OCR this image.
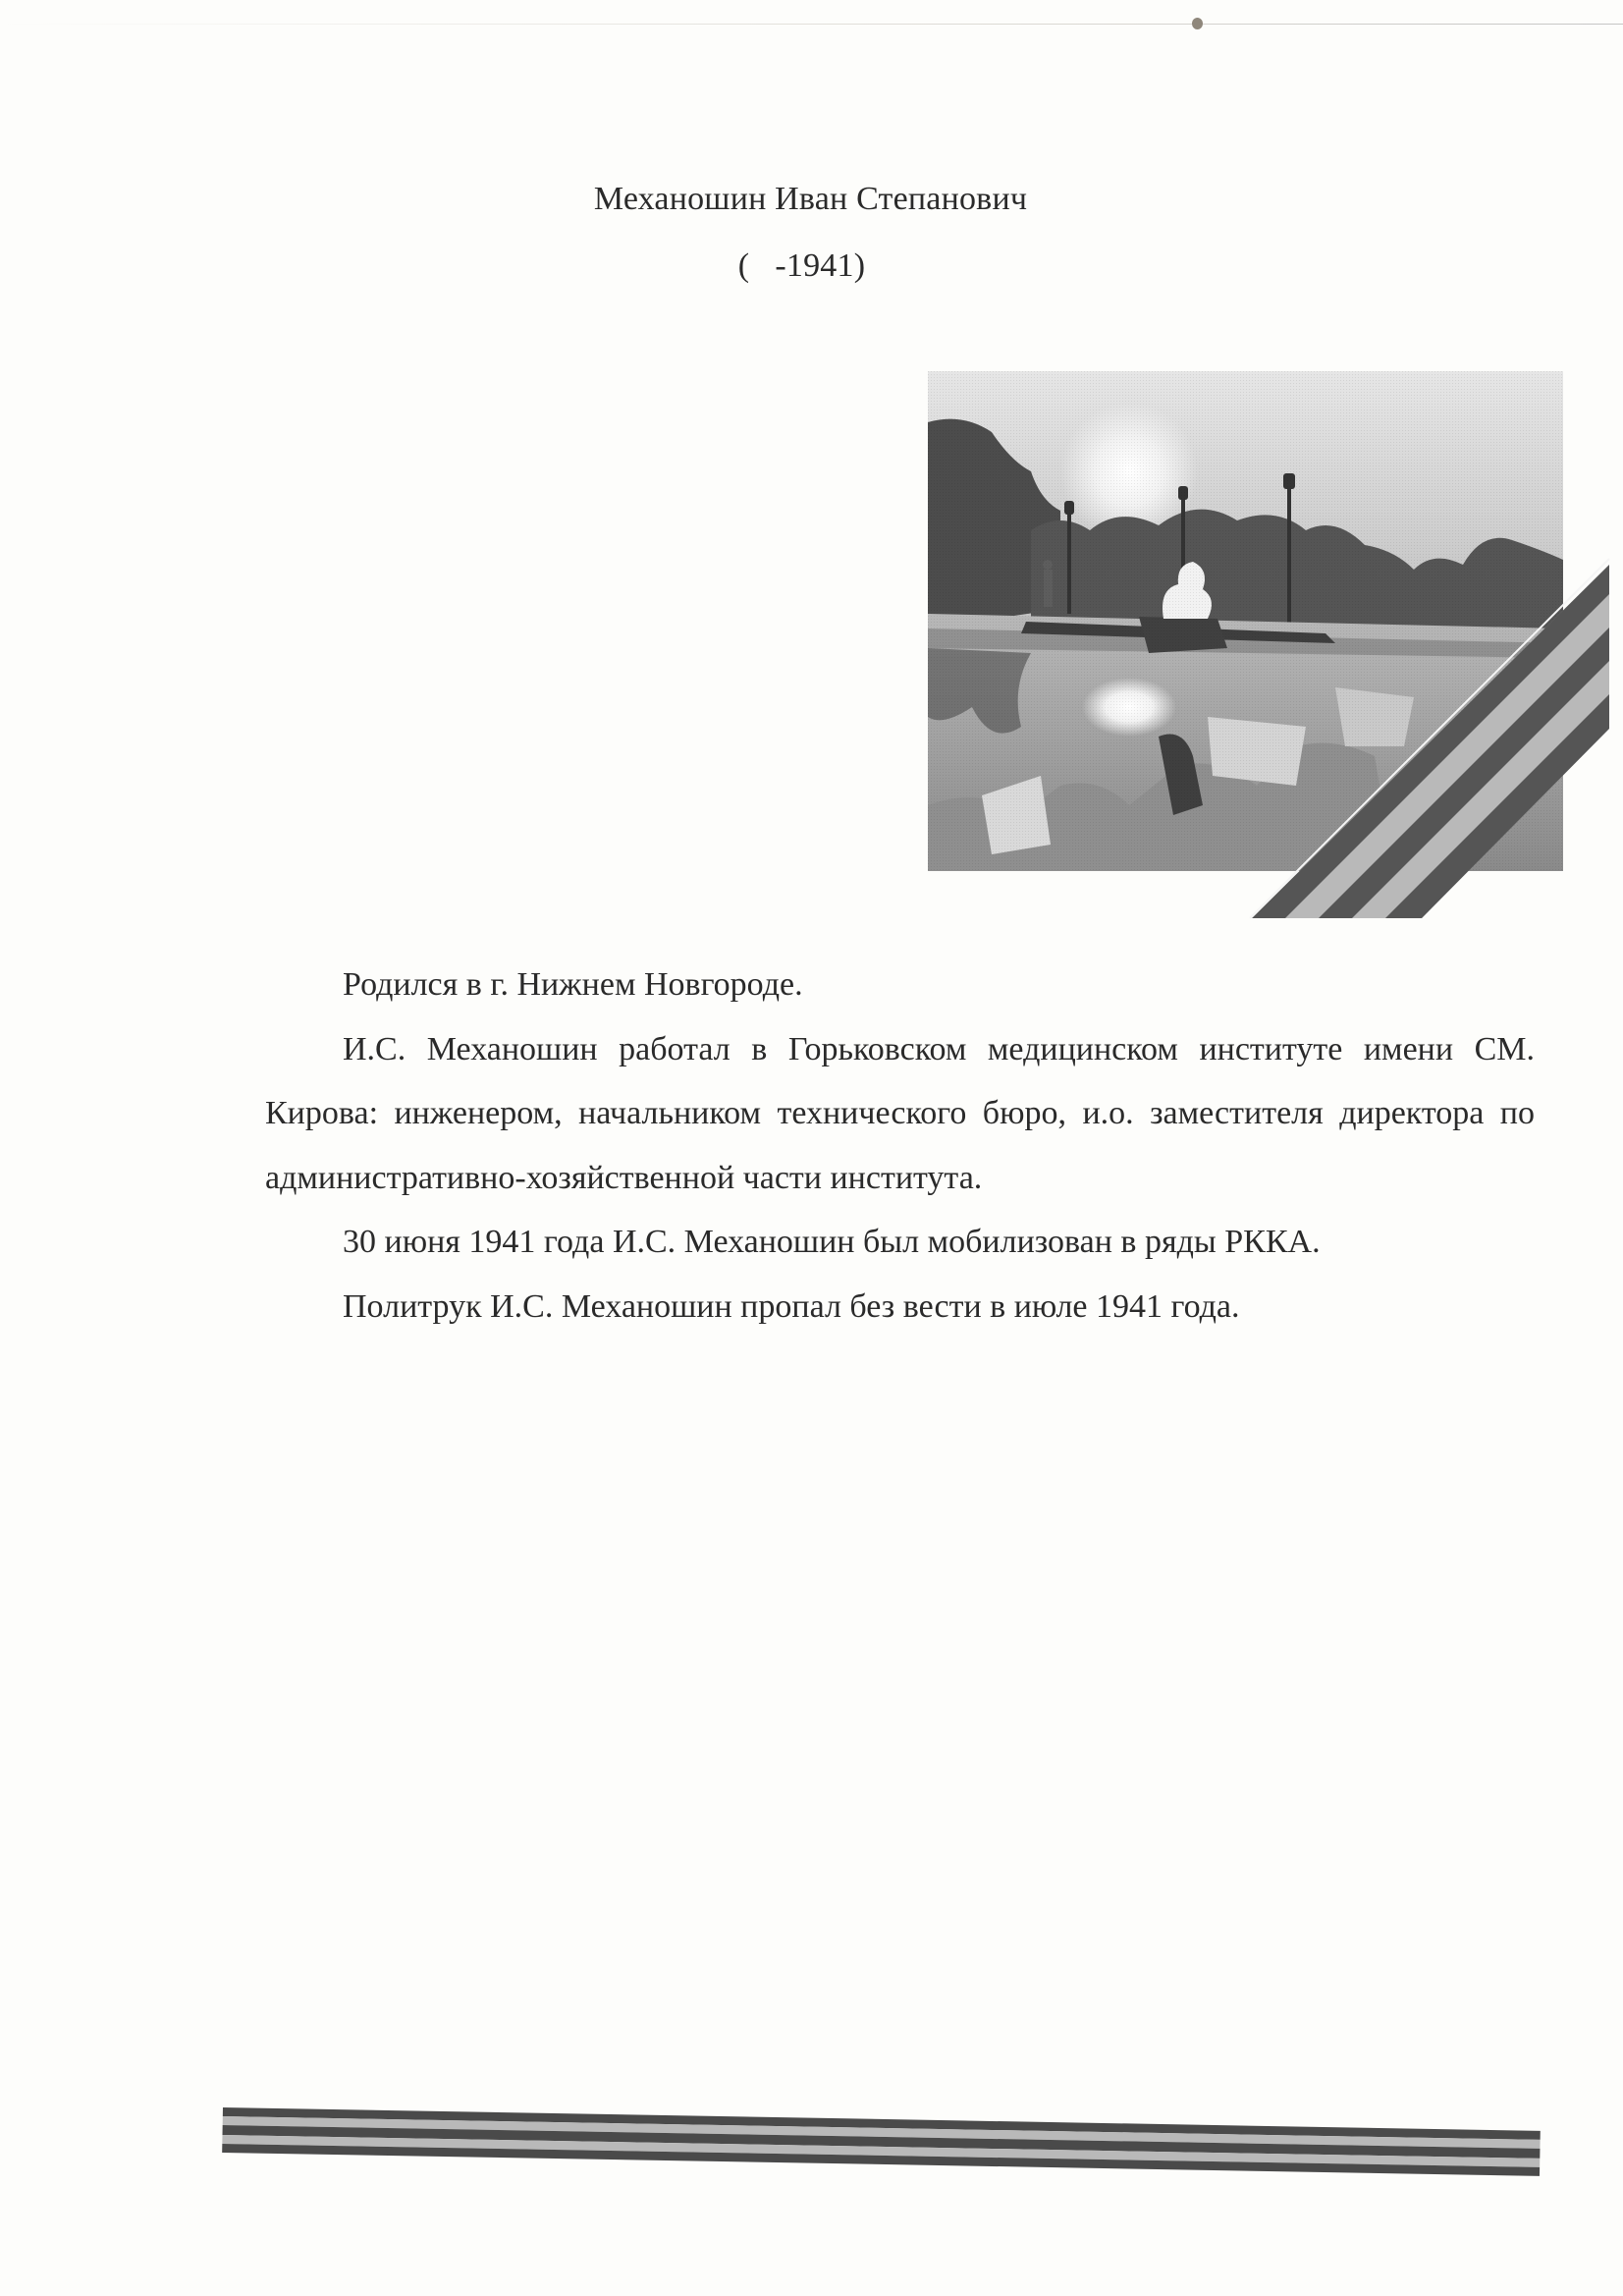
Механошин Иван Степанович
(   -1941)

Родился в г. Нижнем Новгороде.

И.С. Механошин работал в Горьковском медицинском институте имени СМ. Кирова: инженером, начальником технического бюро, и.о. заместителя директора по административно-хозяйственной части института.

30 июня 1941 года И.С. Механошин был мобилизован в ряды РККА.

Политрук И.С. Механошин пропал без вести в июле 1941 года.
